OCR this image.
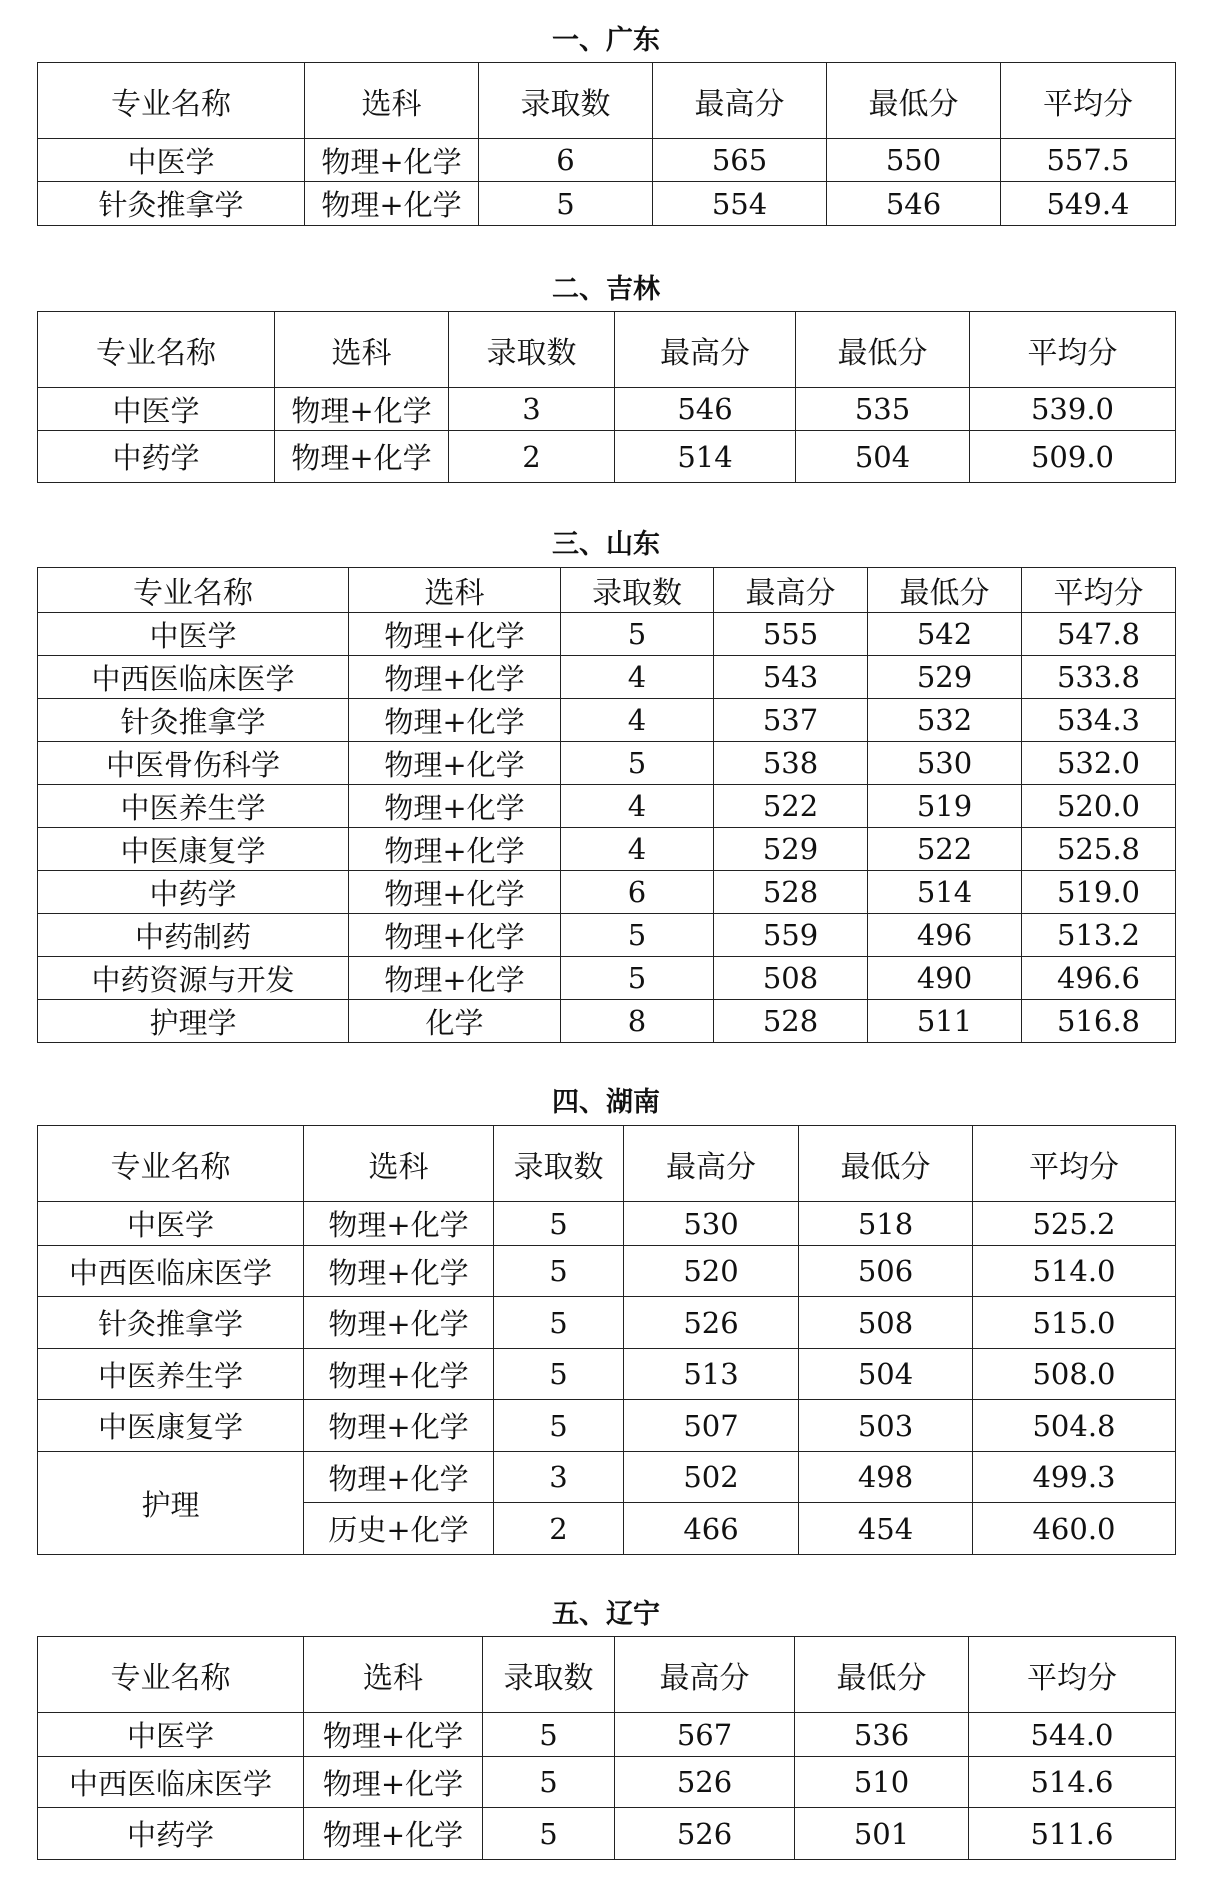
一、广东
专业名称	选科	录取数	最高分	最低分	平均分
中医学	物理+化学	6	565	550	557.5
针灸推拿学	物理+化学	5	554	546	549.4
二、吉林
专业名称	选科	录取数	最高分	最低分	平均分
中医学	物理+化学	3	546	535	539.0
中药学	物理+化学	2	514	504	509.0
三、山东
专业名称	选科	录取数	最高分	最低分	平均分
中医学	物理+化学	5	555	542	547.8
中西医临床医学	物理+化学	4	543	529	533.8
针灸推拿学	物理+化学	4	537	532	534.3
中医骨伤科学	物理+化学	5	538	530	532.0
中医养生学	物理+化学	4	522	519	520.0
中医康复学	物理+化学	4	529	522	525.8
中药学	物理+化学	6	528	514	519.0
中药制药	物理+化学	5	559	496	513.2
中药资源与开发	物理+化学	5	508	490	496.6
护理学	化学	8	528	511	516.8
四、湖南
专业名称	选科	录取数	最高分	最低分	平均分
中医学	物理+化学	5	530	518	525.2
中西医临床医学	物理+化学	5	520	506	514.0
针灸推拿学	物理+化学	5	526	508	515.0
中医养生学	物理+化学	5	513	504	508.0
中医康复学	物理+化学	5	507	503	504.8
护理	物理+化学	3	502	498	499.3
	历史+化学	2	466	454	460.0
五、辽宁
专业名称	选科	录取数	最高分	最低分	平均分
中医学	物理+化学	5	567	536	544.0
中西医临床医学	物理+化学	5	526	510	514.6
中药学	物理+化学	5	526	501	511.6
